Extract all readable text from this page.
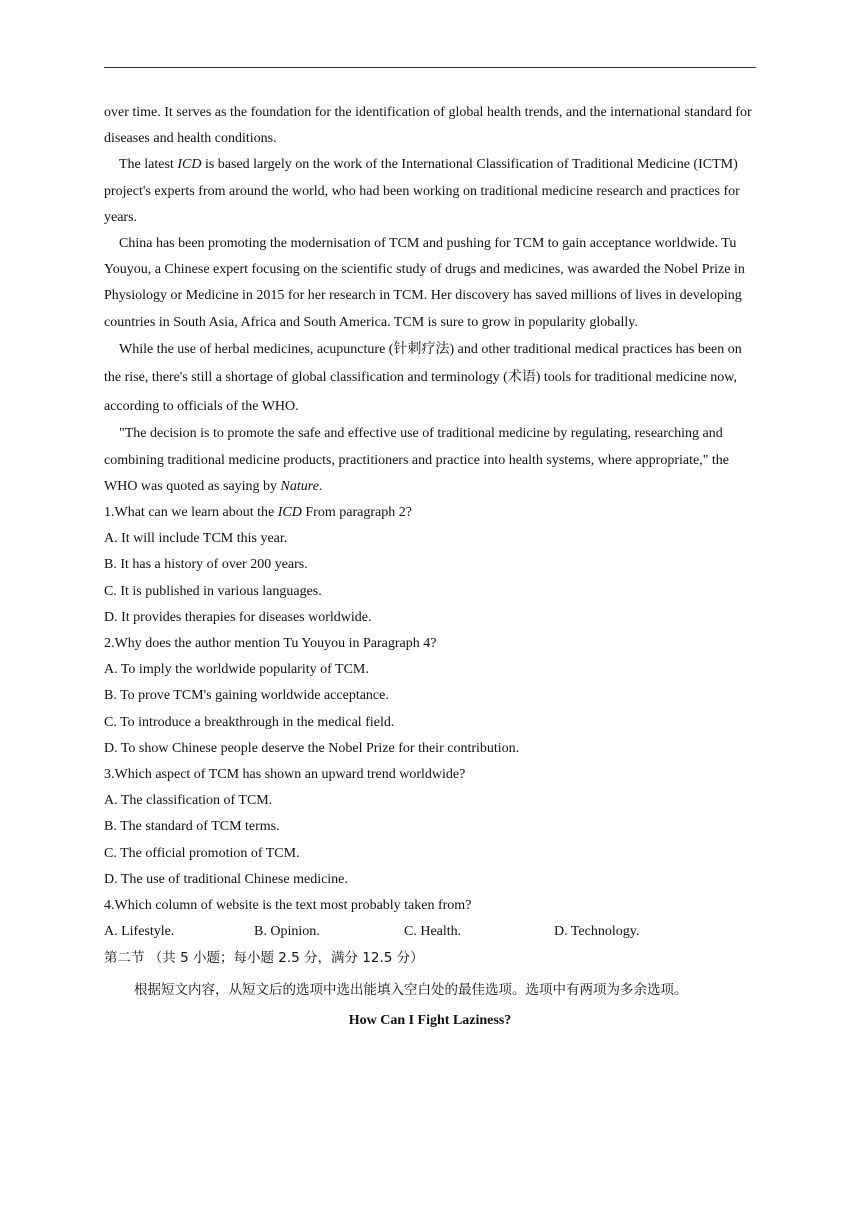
over time. It serves as the foundation for the identification of global health trends, and the international standard for diseases and health conditions.

The latest ICD is based largely on the work of the International Classification of Traditional Medicine (ICTM) project's experts from around the world, who had been working on traditional medicine research and practices for years.

China has been promoting the modernisation of TCM and pushing for TCM to gain acceptance worldwide. Tu Youyou, a Chinese expert focusing on the scientific study of drugs and medicines, was awarded the Nobel Prize in Physiology or Medicine in 2015 for her research in TCM. Her discovery has saved millions of lives in developing countries in South Asia, Africa and South America. TCM is sure to grow in popularity globally.

While the use of herbal medicines, acupuncture (针刺疗法) and other traditional medical practices has been on the rise, there's still a shortage of global classification and terminology (术语) tools for traditional medicine now, according to officials of the WHO.

"The decision is to promote the safe and effective use of traditional medicine by regulating, researching and combining traditional medicine products, practitioners and practice into health systems, where appropriate," the WHO was quoted as saying by Nature.

1.What can we learn about the ICD From paragraph 2?

A. It will include TCM this year.

B. It has a history of over 200 years.

C. It is published in various languages.

D. It provides therapies for diseases worldwide.

2.Why does the author mention Tu Youyou in Paragraph 4?

A. To imply the worldwide popularity of TCM.

B. To prove TCM's gaining worldwide acceptance.

C. To introduce a breakthrough in the medical field.

D. To show Chinese people deserve the Nobel Prize for their contribution.

3.Which aspect of TCM has shown an upward trend worldwide?

A. The classification of TCM.

B. The standard of TCM terms.

C. The official promotion of TCM.

D. The use of traditional Chinese medicine.

4.Which column of website is the text most probably taken from?

A. Lifestyle.	B. Opinion.	C. Health.	D. Technology.

第二节 （共 5 小题；每小题 2.5 分，满分 12.5 分）

根据短文内容，从短文后的选项中选出能填入空白处的最佳选项。选项中有两项为多余选项。

How Can I Fight Laziness?
